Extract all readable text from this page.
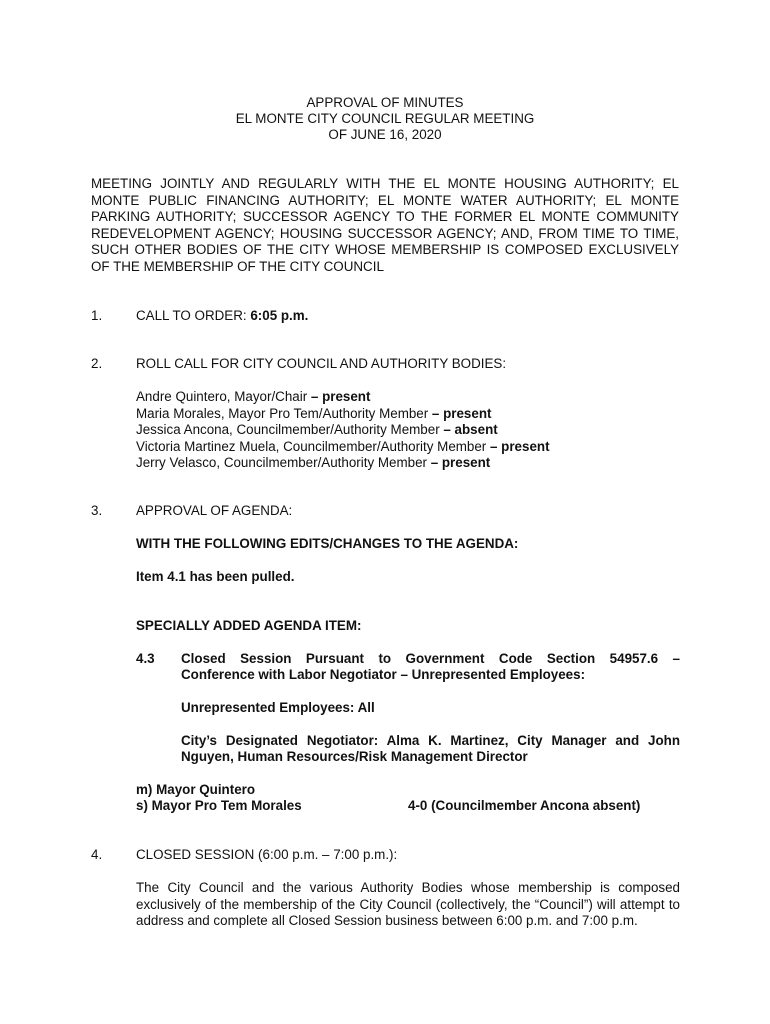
APPROVAL OF MINUTES
EL MONTE CITY COUNCIL REGULAR MEETING
OF JUNE 16, 2020
MEETING JOINTLY AND REGULARLY WITH THE EL MONTE HOUSING AUTHORITY; EL MONTE PUBLIC FINANCING AUTHORITY; EL MONTE WATER AUTHORITY; EL MONTE PARKING AUTHORITY; SUCCESSOR AGENCY TO THE FORMER EL MONTE COMMUNITY REDEVELOPMENT AGENCY; HOUSING SUCCESSOR AGENCY; AND, FROM TIME TO TIME, SUCH OTHER BODIES OF THE CITY WHOSE MEMBERSHIP IS COMPOSED EXCLUSIVELY OF THE MEMBERSHIP OF THE CITY COUNCIL
1.	CALL TO ORDER: 6:05 p.m.
2.	ROLL CALL FOR CITY COUNCIL AND AUTHORITY BODIES:
Andre Quintero, Mayor/Chair – present
Maria Morales, Mayor Pro Tem/Authority Member – present
Jessica Ancona, Councilmember/Authority Member – absent
Victoria Martinez Muela, Councilmember/Authority Member – present
Jerry Velasco, Councilmember/Authority Member – present
3.	APPROVAL OF AGENDA:
WITH THE FOLLOWING EDITS/CHANGES TO THE AGENDA:
Item 4.1 has been pulled.
SPECIALLY ADDED AGENDA ITEM:
4.3 Closed Session Pursuant to Government Code Section 54957.6 –
Conference with Labor Negotiator – Unrepresented Employees:
Unrepresented Employees: All
City’s Designated Negotiator: Alma K. Martinez, City Manager and John
Nguyen, Human Resources/Risk Management Director
m) Mayor Quintero
s) Mayor Pro Tem Morales	4-0 (Councilmember Ancona absent)
4.	CLOSED SESSION (6:00 p.m. – 7:00 p.m.):
The City Council and the various Authority Bodies whose membership is composed exclusively of the membership of the City Council (collectively, the “Council”) will attempt to address and complete all Closed Session business between 6:00 p.m. and 7:00 p.m.
